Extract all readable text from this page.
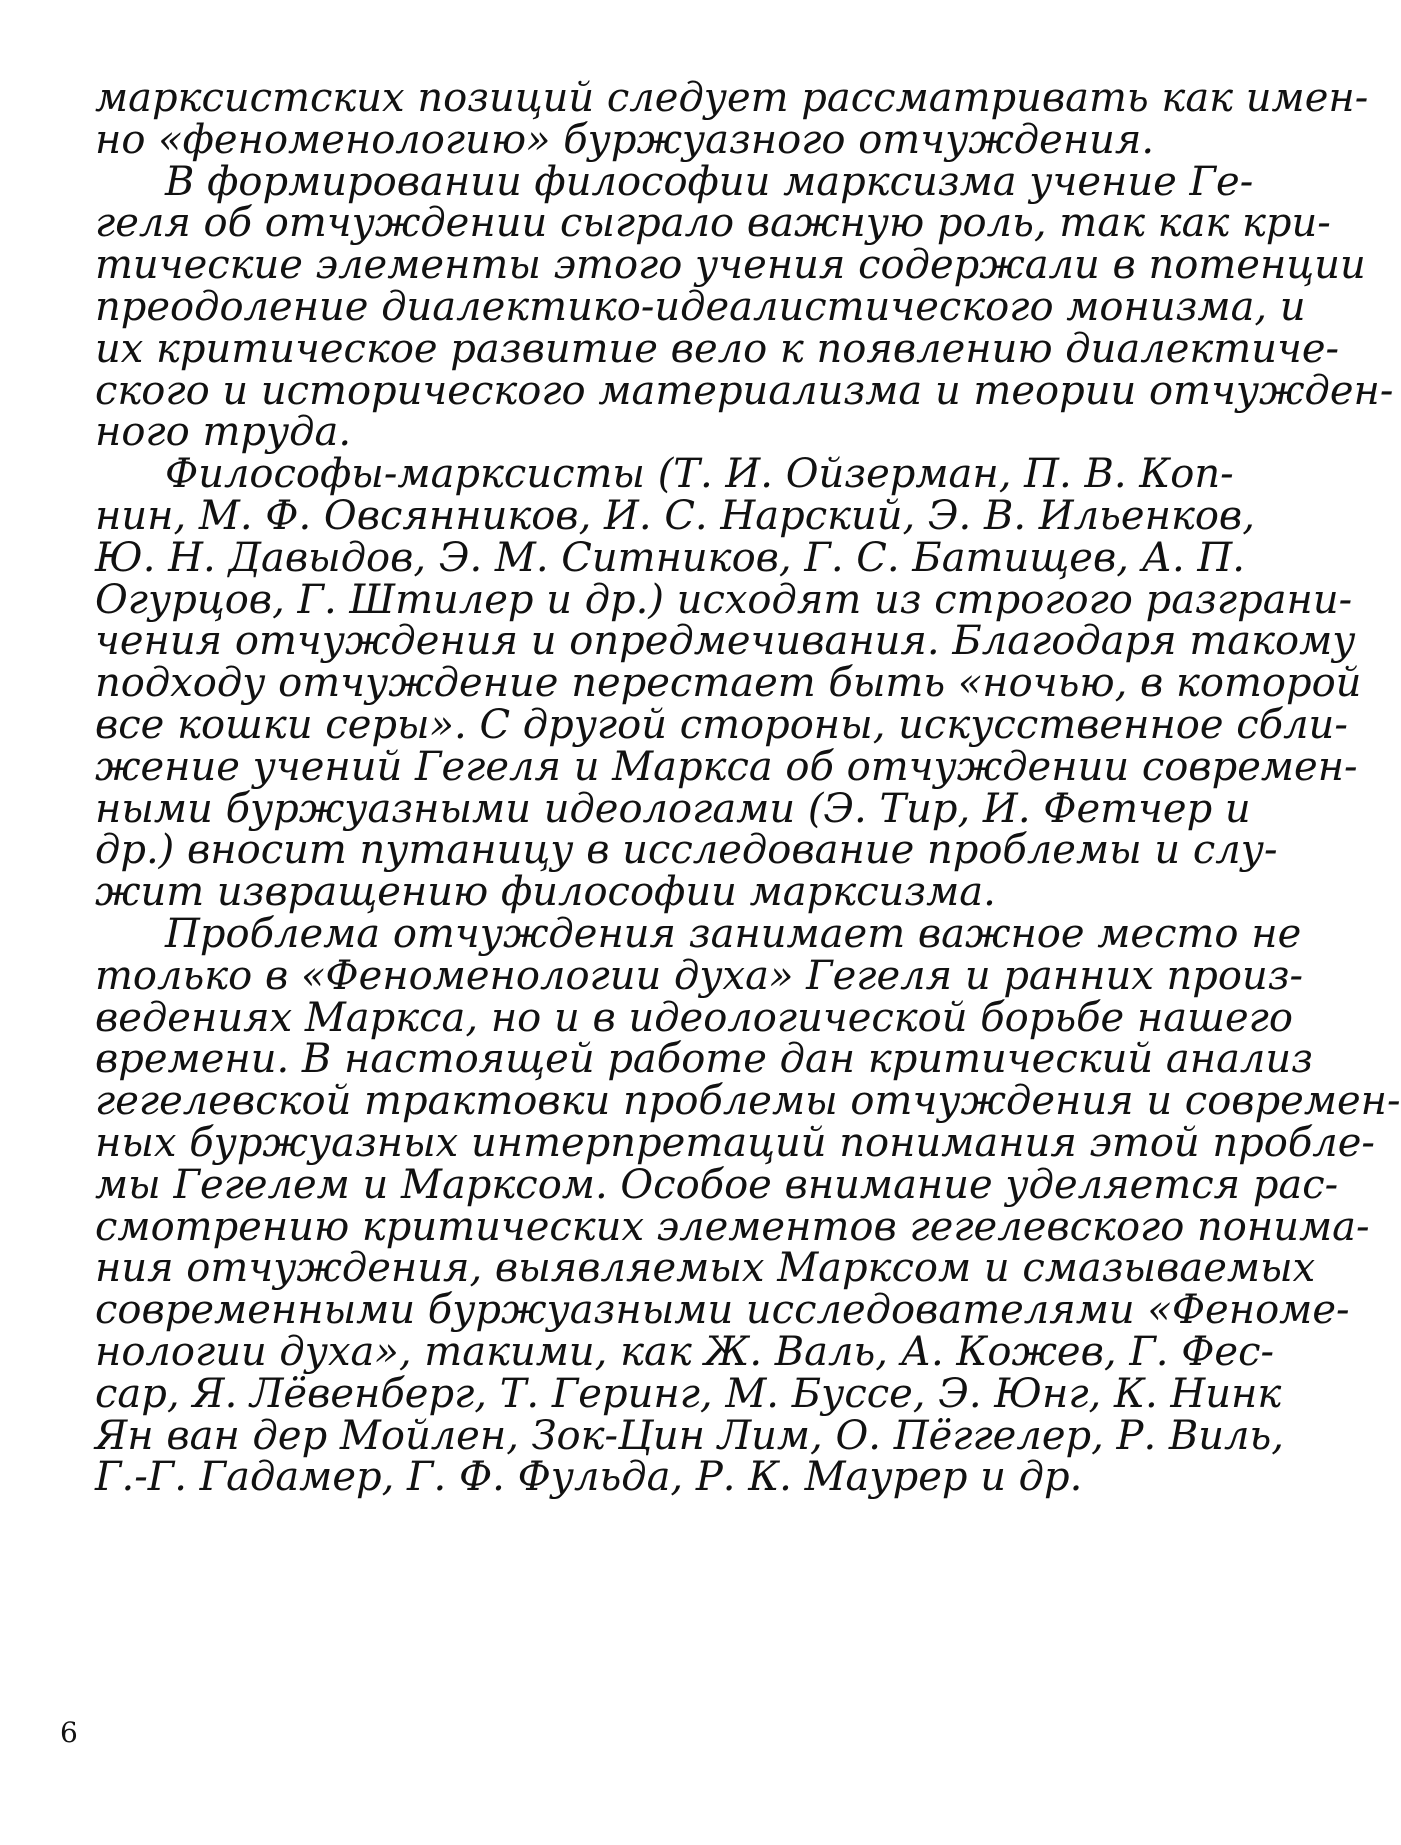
марксистских позиций следует рассматривать как имен-
но «феноменологию» буржуазного отчуждения.
В формировании философии марксизма учение Ге-
геля об отчуждении сыграло важную роль, так как кри-
тические элементы этого учения содержали в потенции
преодоление диалектико-идеалистического монизма, и
их критическое развитие вело к появлению диалектиче-
ского и исторического материализма и теории отчужден-
ного труда.
Философы-марксисты (Т. И. Ойзерман, П. В. Коп-
нин, М. Ф. Овсянников, И. С. Нарский, Э. В. Ильенков,
Ю. Н. Давыдов, Э. М. Ситников, Г. С. Батищев, А. П.
Огурцов, Г. Штилер и др.) исходят из строгого разграни-
чения отчуждения и опредмечивания. Благодаря такому
подходу отчуждение перестает быть «ночью, в которой
все кошки серы». С другой стороны, искусственное сбли-
жение учений Гегеля и Маркса об отчуждении современ-
ными буржуазными идеологами (Э. Тир, И. Фетчер и
др.) вносит путаницу в исследование проблемы и слу-
жит извращению философии марксизма.
Проблема отчуждения занимает важное место не
только в «Феноменологии духа» Гегеля и ранних произ-
ведениях Маркса, но и в идеологической борьбе нашего
времени. В настоящей работе дан критический анализ
гегелевской трактовки проблемы отчуждения и современ-
ных буржуазных интерпретаций понимания этой пробле-
мы Гегелем и Марксом. Особое внимание уделяется рас-
смотрению критических элементов гегелевского понима-
ния отчуждения, выявляемых Марксом и смазываемых
современными буржуазными исследователями «Феноме-
нологии духа», такими, как Ж. Валь, А. Кожев, Г. Фес-
сар, Я. Лёвенберг, Т. Геринг, М. Буссе, Э. Юнг, К. Нинк
Ян ван дер Мойлен, Зок-Цин Лим, О. Пёггелер, Р. Виль,
Г.-Г. Гадамер, Г. Ф. Фульда, Р. К. Маурер и др.
6
